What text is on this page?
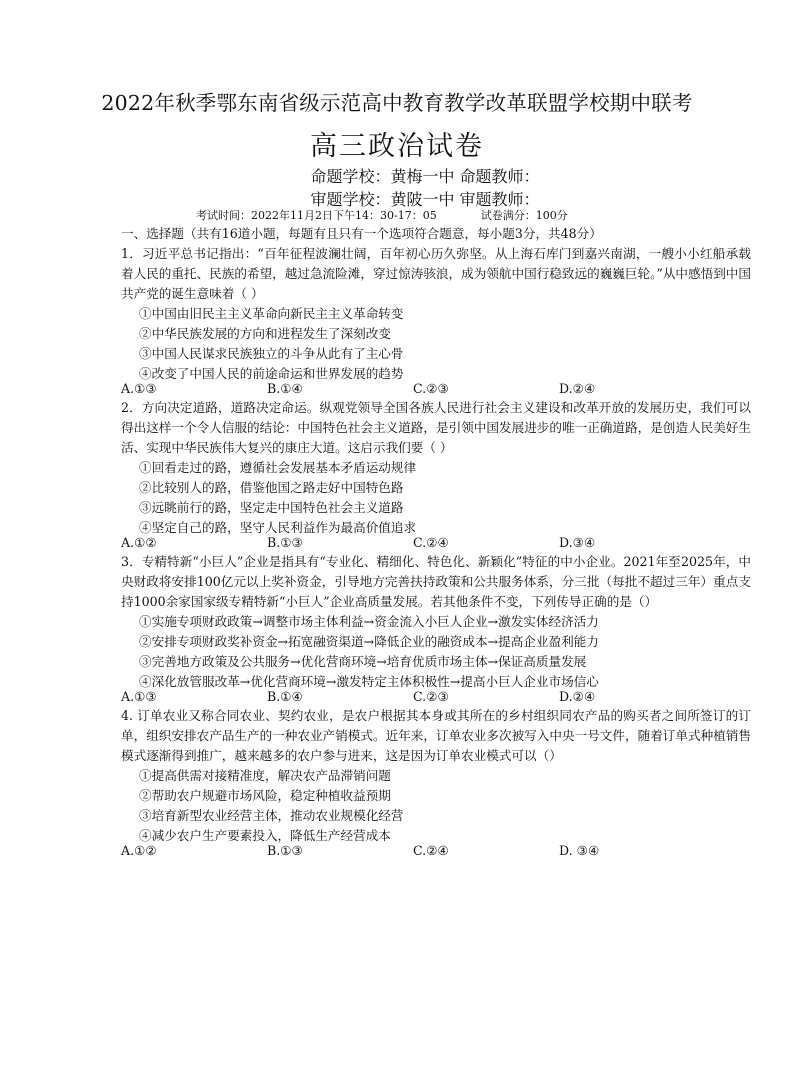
2022年秋季鄂东南省级示范高中教育教学改革联盟学校期中联考
高三政治试卷
命题学校：黄梅一中 命题教师：
审题学校：黄陂一中 审题教师：
考试时间：2022年11月2日下午14：30-17：05	试卷满分：100分

一、选择题（共有16道小题，每题有且只有一个选项符合题意，每小题3分，共48分）

1．习近平总书记指出：“百年征程波澜壮阔，百年初心历久弥坚。从上海石库门到嘉兴南湖，一艘小小红船承载着人民的重托、民族的希望，越过急流险滩，穿过惊涛骇浪，成为领航中国行稳致远的巍巍巨轮。”从中感悟到中国共产党的诞生意味着（ ）

①中国由旧民主主义革命向新民主主义革命转变

②中华民族发展的方向和进程发生了深刻改变

③中国人民谋求民族独立的斗争从此有了主心骨

④改变了中国人民的前途命运和世界发展的趋势

A.①③	B.①④	C.②③	D.②④

2．方向决定道路，道路决定命运。纵观党领导全国各族人民进行社会主义建设和改革开放的发展历史，我们可以得出这样一个令人信服的结论：中国特色社会主义道路，是引领中国发展进步的唯一正确道路，是创造人民美好生活、实现中华民族伟大复兴的康庄大道。这启示我们要（ ）

①回看走过的路，遵循社会发展基本矛盾运动规律

②比较别人的路，借鉴他国之路走好中国特色路

③远眺前行的路，坚定走中国特色社会主义道路

④坚定自己的路，坚守人民利益作为最高价值追求

A.①②	B.①③	C.②④	D.③④

3．专精特新“小巨人”企业是指具有“专业化、精细化、特色化、新颖化”特征的中小企业。2021年至2025年，中央财政将安排100亿元以上奖补资金，引导地方完善扶持政策和公共服务体系，分三批（每批不超过三年）重点支持1000余家国家级专精特新“小巨人”企业高质量发展。若其他条件不变，下列传导正确的是（）

①实施专项财政政策→调整市场主体利益→资金流入小巨人企业→激发实体经济活力

②安排专项财政奖补资金→拓宽融资渠道→降低企业的融资成本→提高企业盈利能力

③完善地方政策及公共服务→优化营商环境→培育优质市场主体→保证高质量发展

④深化放管服改革→优化营商环境→激发特定主体积极性→提高小巨人企业市场信心

A.①③	B.①④	C.②③	D.②④

4. 订单农业又称合同农业、契约农业，是农户根据其本身或其所在的乡村组织同农产品的购买者之间所签订的订单，组织安排农产品生产的一种农业产销模式。近年来，订单农业多次被写入中央一号文件，随着订单式种植销售模式逐渐得到推广，越来越多的农户参与进来，这是因为订单农业模式可以（）

①提高供需对接精准度，解决农产品滞销问题

②帮助农户规避市场风险，稳定种植收益预期

③培育新型农业经营主体，推动农业规模化经营

④减少农户生产要素投入，降低生产经营成本

A.①②	B.①③	C.②④	D. ③④
